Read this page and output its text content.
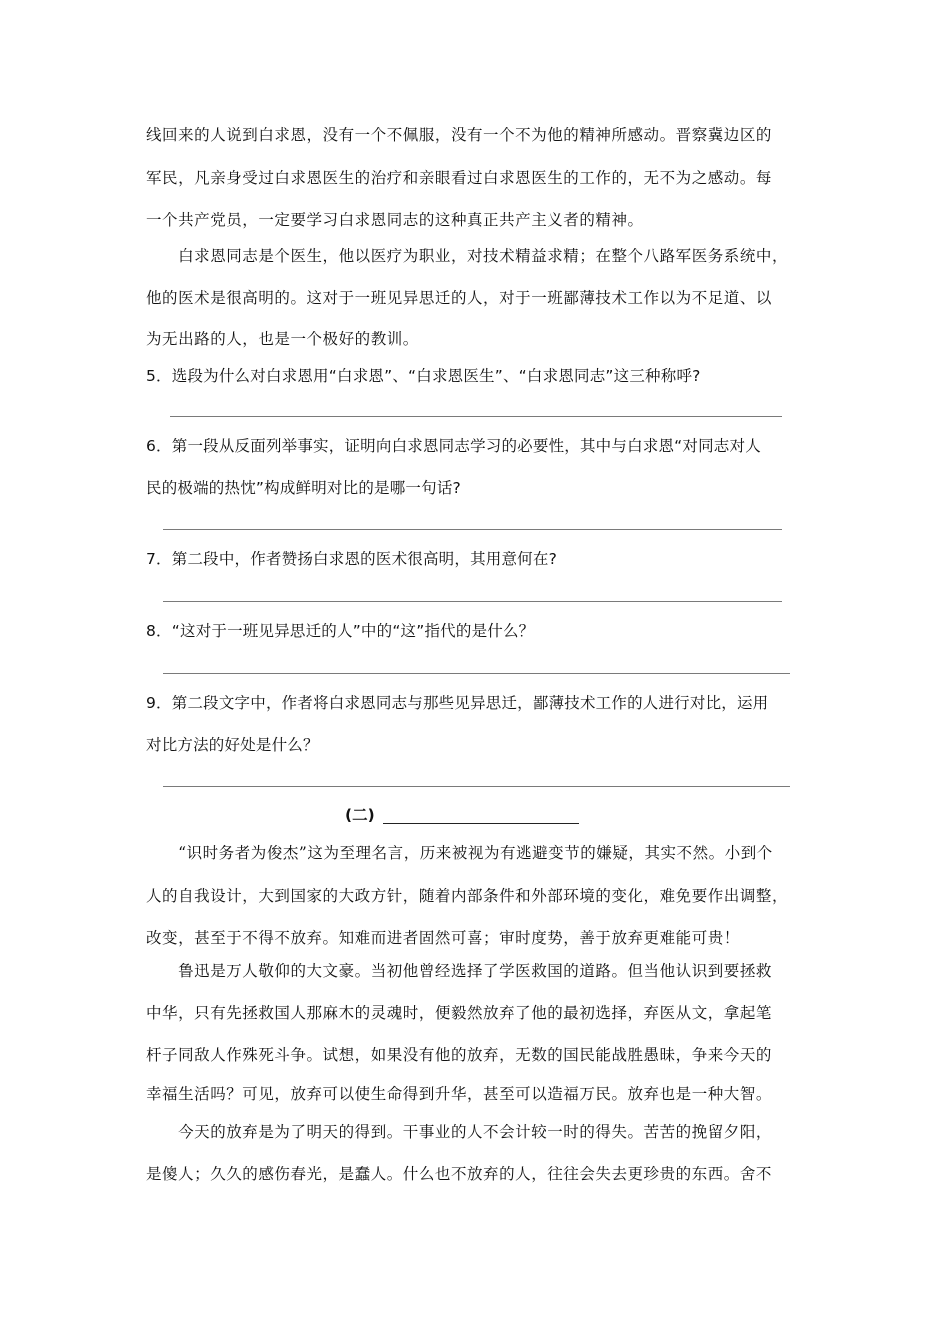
线回来的人说到白求恩，没有一个不佩服，没有一个不为他的精神所感动。晋察冀边区的
军民，凡亲身受过白求恩医生的治疗和亲眼看过白求恩医生的工作的，无不为之感动。每
一个共产党员，一定要学习白求恩同志的这种真正共产主义者的精神。
　　白求恩同志是个医生，他以医疗为职业，对技术精益求精；在整个八路军医务系统中，
他的医术是很高明的。这对于一班见异思迁的人，对于一班鄙薄技术工作以为不足道、以
为无出路的人，也是一个极好的教训。
5．选段为什么对白求恩用“白求恩”、“白求恩医生”、“白求恩同志”这三种称呼?
6．第一段从反面列举事实，证明向白求恩同志学习的必要性，其中与白求恩“对同志对人
民的极端的热忱”构成鲜明对比的是哪一句话?
7．第二段中，作者赞扬白求恩的医术很高明，其用意何在?
8．“这对于一班见异思迁的人”中的“这”指代的是什么？
9．第二段文字中，作者将白求恩同志与那些见异思迁，鄙薄技术工作的人进行对比，运用
对比方法的好处是什么？
(二)
　　“识时务者为俊杰”这为至理名言，历来被视为有逃避变节的嫌疑，其实不然。小到个
人的自我设计，大到国家的大政方针，随着内部条件和外部环境的变化，难免要作出调整，
改变，甚至于不得不放弃。知难而进者固然可喜；审时度势，善于放弃更难能可贵！
　　鲁迅是万人敬仰的大文豪。当初他曾经选择了学医救国的道路。但当他认识到要拯救
中华，只有先拯救国人那麻木的灵魂时，便毅然放弃了他的最初选择，弃医从文，拿起笔
杆子同敌人作殊死斗争。试想，如果没有他的放弃，无数的国民能战胜愚昧，争来今天的
幸福生活吗？可见，放弃可以使生命得到升华，甚至可以造福万民。放弃也是一种大智。
　　今天的放弃是为了明天的得到。干事业的人不会计较一时的得失。苦苦的挽留夕阳，
是傻人；久久的感伤春光，是蠢人。什么也不放弃的人，往往会失去更珍贵的东西。舍不
